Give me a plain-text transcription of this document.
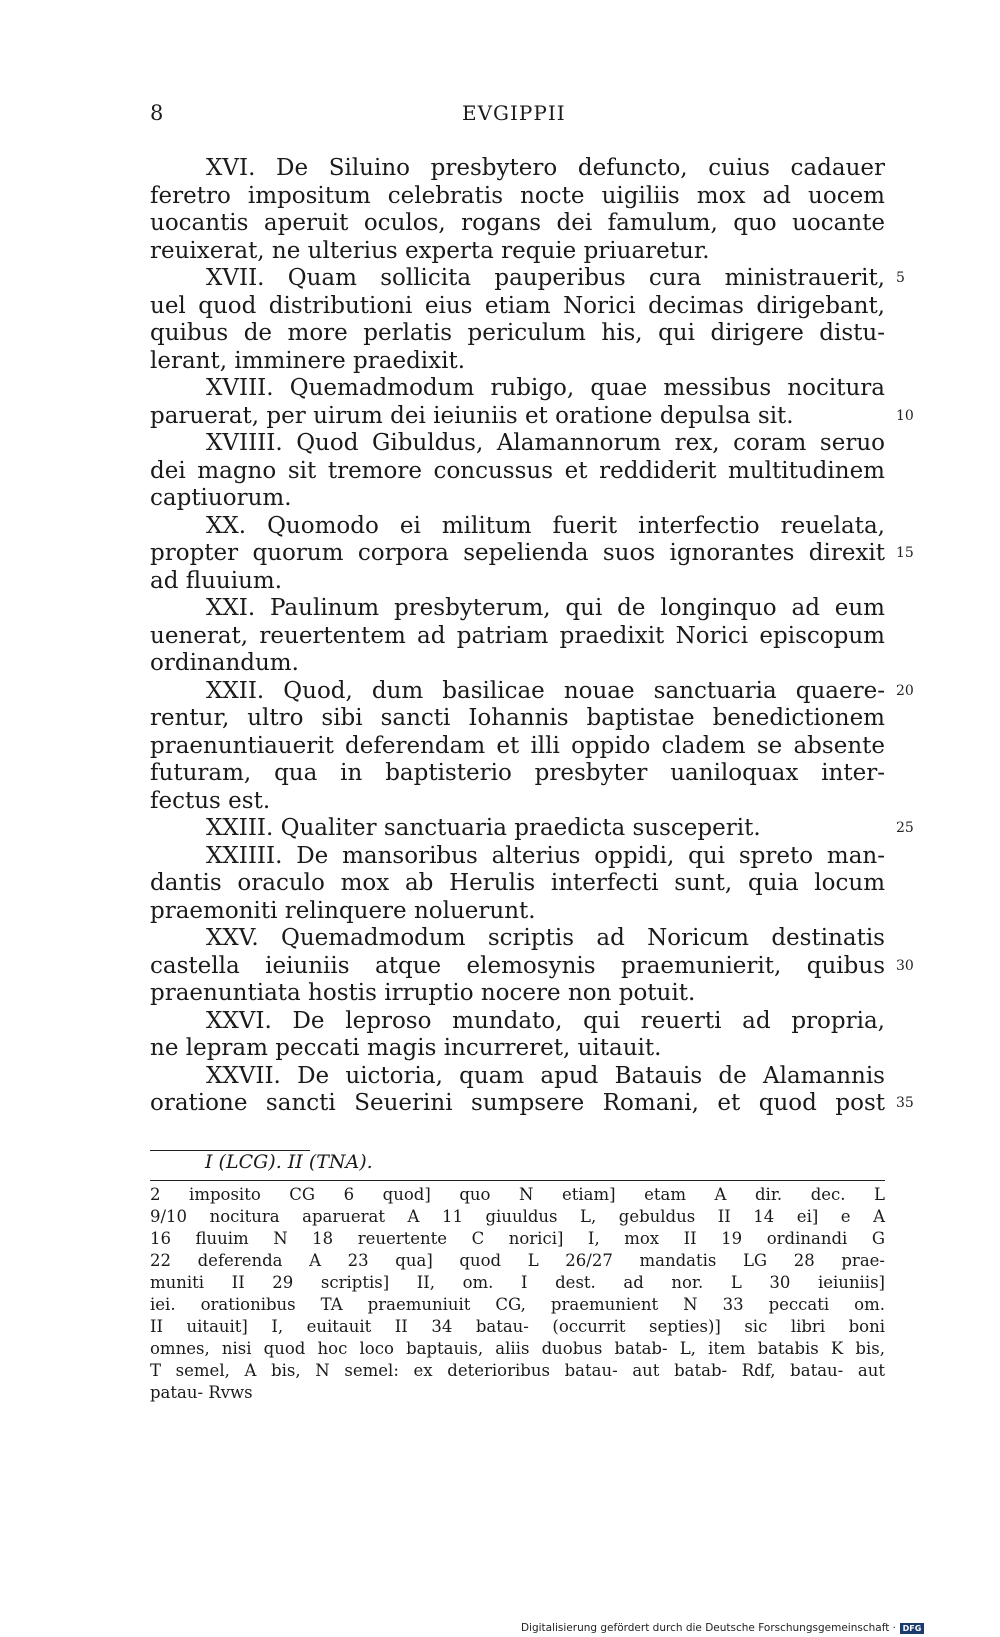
8	EVGIPPII
XVI. De Siluino presbytero defuncto, cuius cadauer
feretro impositum celebratis nocte uigiliis mox ad uocem
uocantis aperuit oculos, rogans dei famulum, quo uocante
reuixerat, ne ulterius experta requie priuaretur.
XVII. Quam sollicita pauperibus cura ministrauerit, 5
uel quod distributioni eius etiam Norici decimas dirigebant,
quibus de more perlatis periculum his, qui dirigere distu-
lerant, imminere praedixit.
XVIII. Quemadmodum rubigo, quae messibus nocitura
paruerat, per uirum dei ieiuniis et oratione depulsa sit.	10
XVIIII. Quod Gibuldus, Alamannorum rex, coram seruo
dei magno sit tremore concussus et reddiderit multitudinem
captiuorum.
XX. Quomodo ei militum fuerit interfectio reuelata,
propter quorum corpora sepelienda suos ignorantes direxit 15
ad fluuium.
XXI. Paulinum presbyterum, qui de longinquo ad eum
uenerat, reuertentem ad patriam praedixit Norici episcopum
ordinandum.
XXII. Quod, dum basilicae nouae sanctuaria quaere- 20
rentur, ultro sibi sancti Iohannis baptistae benedictionem
praenuntiauerit deferendam et illi oppido cladem se absente
futuram, qua in baptisterio presbyter uaniloquax inter-
fectus est.
XXIII. Qualiter sanctuaria praedicta susceperit.	25
XXIIII. De mansoribus alterius oppidi, qui spreto man-
dantis oraculo mox ab Herulis interfecti sunt, quia locum
praemoniti relinquere noluerunt.
XXV. Quemadmodum scriptis ad Noricum destinatis
castella ieiuniis atque elemosynis praemunierit, quibus 30
praenuntiata hostis irruptio nocere non potuit.
XXVI. De leproso mundato, qui reuerti ad propria,
ne lepram peccati magis incurreret, uitauit.
XXVII. De uictoria, quam apud Batauis de Alamannis
oratione sancti Seuerini sumpsere Romani, et quod post 35
I (LCG). II (TNA).
2 imposito CG 6 quod] quo N etiam] etam A dir. dec. L
9/10 nocitura aparuerat A 11 giuuldus L, gebuldus II 14 ei] e A
16 fluuim N 18 reuertente C norici] I, mox II 19 ordinandi G
22 deferenda A 23 qua] quod L 26/27 mandatis LG 28 prae-
muniti II 29 scriptis] II, om. I dest. ad nor. L 30 ieiuniis]
iei. orationibus TA praemuniuit CG, praemunient N 33 peccati om.
II uitauit] I, euitauit II 34 batau- (occurrit septies)] sic libri boni
omnes, nisi quod hoc loco baptauis, aliis duobus batab- L, item batabis K bis,
T semel, A bis, N semel: ex deterioribus batau- aut batab- Rdf, batau- aut
patau- Rvws
Digitalisierung gefördert durch die Deutsche Forschungsgemeinschaft · DFG
